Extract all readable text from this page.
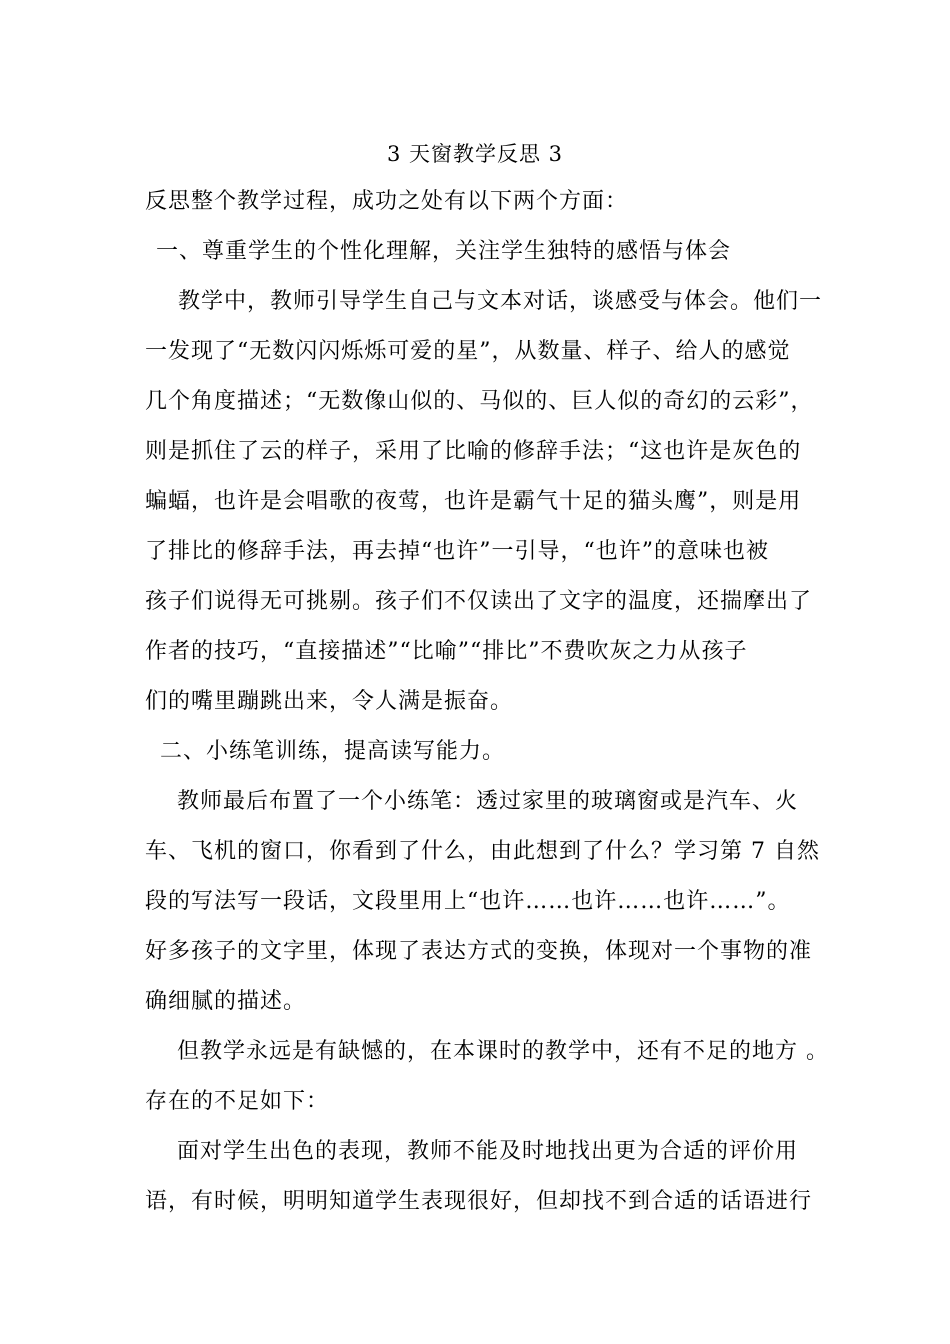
3 天窗教学反思 3
反思整个教学过程，成功之处有以下两个方面：
一、尊重学生的个性化理解，关注学生独特的感悟与体会
教学中，教师引导学生自己与文本对话，谈感受与体会。他们一
一发现了“无数闪闪烁烁可爱的星”，从数量、样子、给人的感觉
几个角度描述；“无数像山似的、马似的、巨人似的奇幻的云彩”，
则是抓住了云的样子，采用了比喻的修辞手法；“这也许是灰色的
蝙蝠，也许是会唱歌的夜莺，也许是霸气十足的猫头鹰”，则是用
了排比的修辞手法，再去掉“也许”一引导，“也许”的意味也被
孩子们说得无可挑剔。孩子们不仅读出了文字的温度，还揣摩出了
作者的技巧，“直接描述”“比喻”“排比”不费吹灰之力从孩子
们的嘴里蹦跳出来，令人满是振奋。
二、小练笔训练，提高读写能力。
教师最后布置了一个小练笔：透过家里的玻璃窗或是汽车、火
车、飞机的窗口，你看到了什么，由此想到了什么？学习第 7 自然
段的写法写一段话，文段里用上“也许……也许……也许……”。
好多孩子的文字里，体现了表达方式的变换，体现对一个事物的准
确细腻的描述。
但教学永远是有缺憾的，在本课时的教学中，还有不足的地方 。
存在的不足如下：
面对学生出色的表现，教师不能及时地找出更为合适的评价用
语，有时候，明明知道学生表现很好，但却找不到合适的话语进行
